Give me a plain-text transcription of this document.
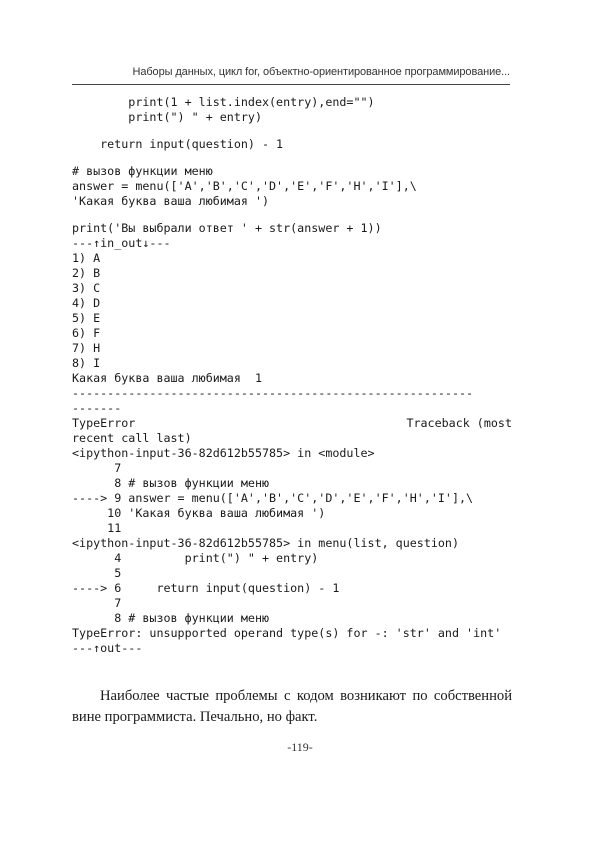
Наборы данных, цикл for, объектно-ориентированное программирование...
print(1 + list.index(entry),end="")
print(") " + entry)
return input(question) - 1
# вызов функции меню
answer = menu(['A','B','C','D','E','F','H','I'],\
'Какая буква ваша любимая ')
print('Вы выбрали ответ ' + str(answer + 1))
---↑in_out↓---
1) A
2) B
3) C
4) D
5) E
6) F
7) H
8) I
Какая буква ваша любимая  1
---------------------------------------------------------
-------
TypeError	Traceback (most
recent call last)
<ipython-input-36-82d612b55785> in <module>
7
8 # вызов функции меню
----> 9 answer = menu(['A','B','C','D','E','F','H','I'],\
10 'Какая буква ваша любимая ')
11
<ipython-input-36-82d612b55785> in menu(list, question)
4         print(") " + entry)
5
----> 6     return input(question) - 1
7
8 # вызов функции меню
TypeError: unsupported operand type(s) for -: 'str' and 'int'
---↑out---

Наиболее частые проблемы с кодом возникают по собственной вине программиста. Печально, но факт.

-119-
